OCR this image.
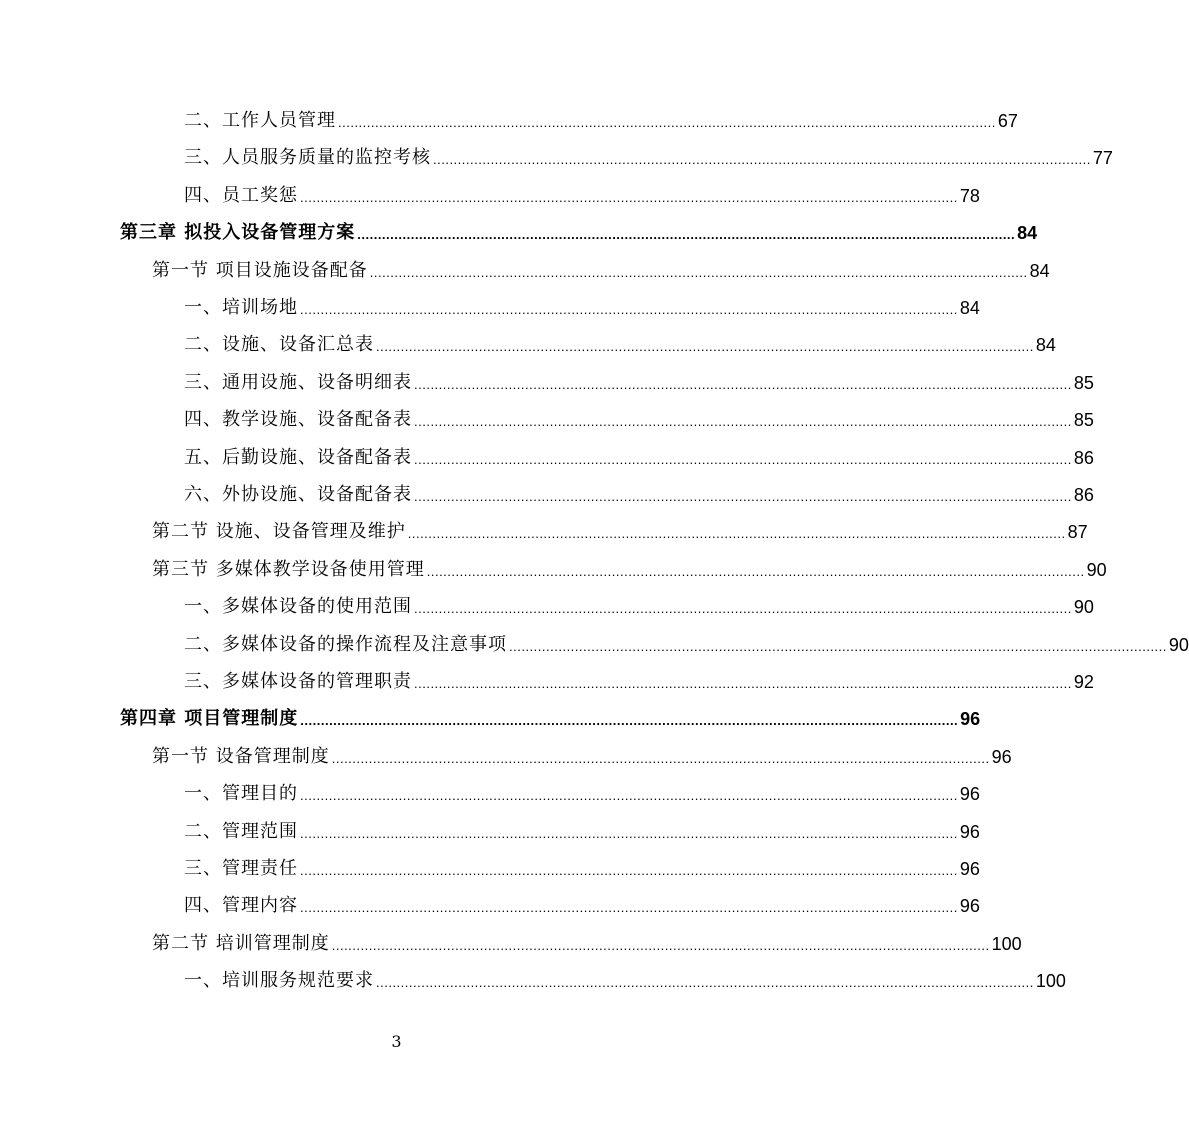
二、工作人员管理 ................................................................................................................................................................ 67
三、人员服务质量的监控考核 ................................................................................................................................................................ 77
四、员工奖惩 ................................................................................................................................................................ 78
第三章 拟投入设备管理方案 ................................................................................................................................................................ 84
第一节 项目设施设备配备 ................................................................................................................................................................ 84
一、培训场地 ................................................................................................................................................................ 84
二、设施、设备汇总表 ................................................................................................................................................................ 84
三、通用设施、设备明细表 ................................................................................................................................................................ 85
四、教学设施、设备配备表 ................................................................................................................................................................ 85
五、后勤设施、设备配备表 ................................................................................................................................................................ 86
六、外协设施、设备配备表 ................................................................................................................................................................ 86
第二节 设施、设备管理及维护 ................................................................................................................................................................ 87
第三节 多媒体教学设备使用管理 ................................................................................................................................................................ 90
一、多媒体设备的使用范围 ................................................................................................................................................................ 90
二、多媒体设备的操作流程及注意事项 ................................................................................................................................................................ 90
三、多媒体设备的管理职责 ................................................................................................................................................................ 92
第四章 项目管理制度 ................................................................................................................................................................ 96
第一节 设备管理制度 ................................................................................................................................................................ 96
一、管理目的 ................................................................................................................................................................ 96
二、管理范围 ................................................................................................................................................................ 96
三、管理责任 ................................................................................................................................................................ 96
四、管理内容 ................................................................................................................................................................ 96
第二节 培训管理制度 ................................................................................................................................................................ 100
一、培训服务规范要求 ................................................................................................................................................................ 100
3
